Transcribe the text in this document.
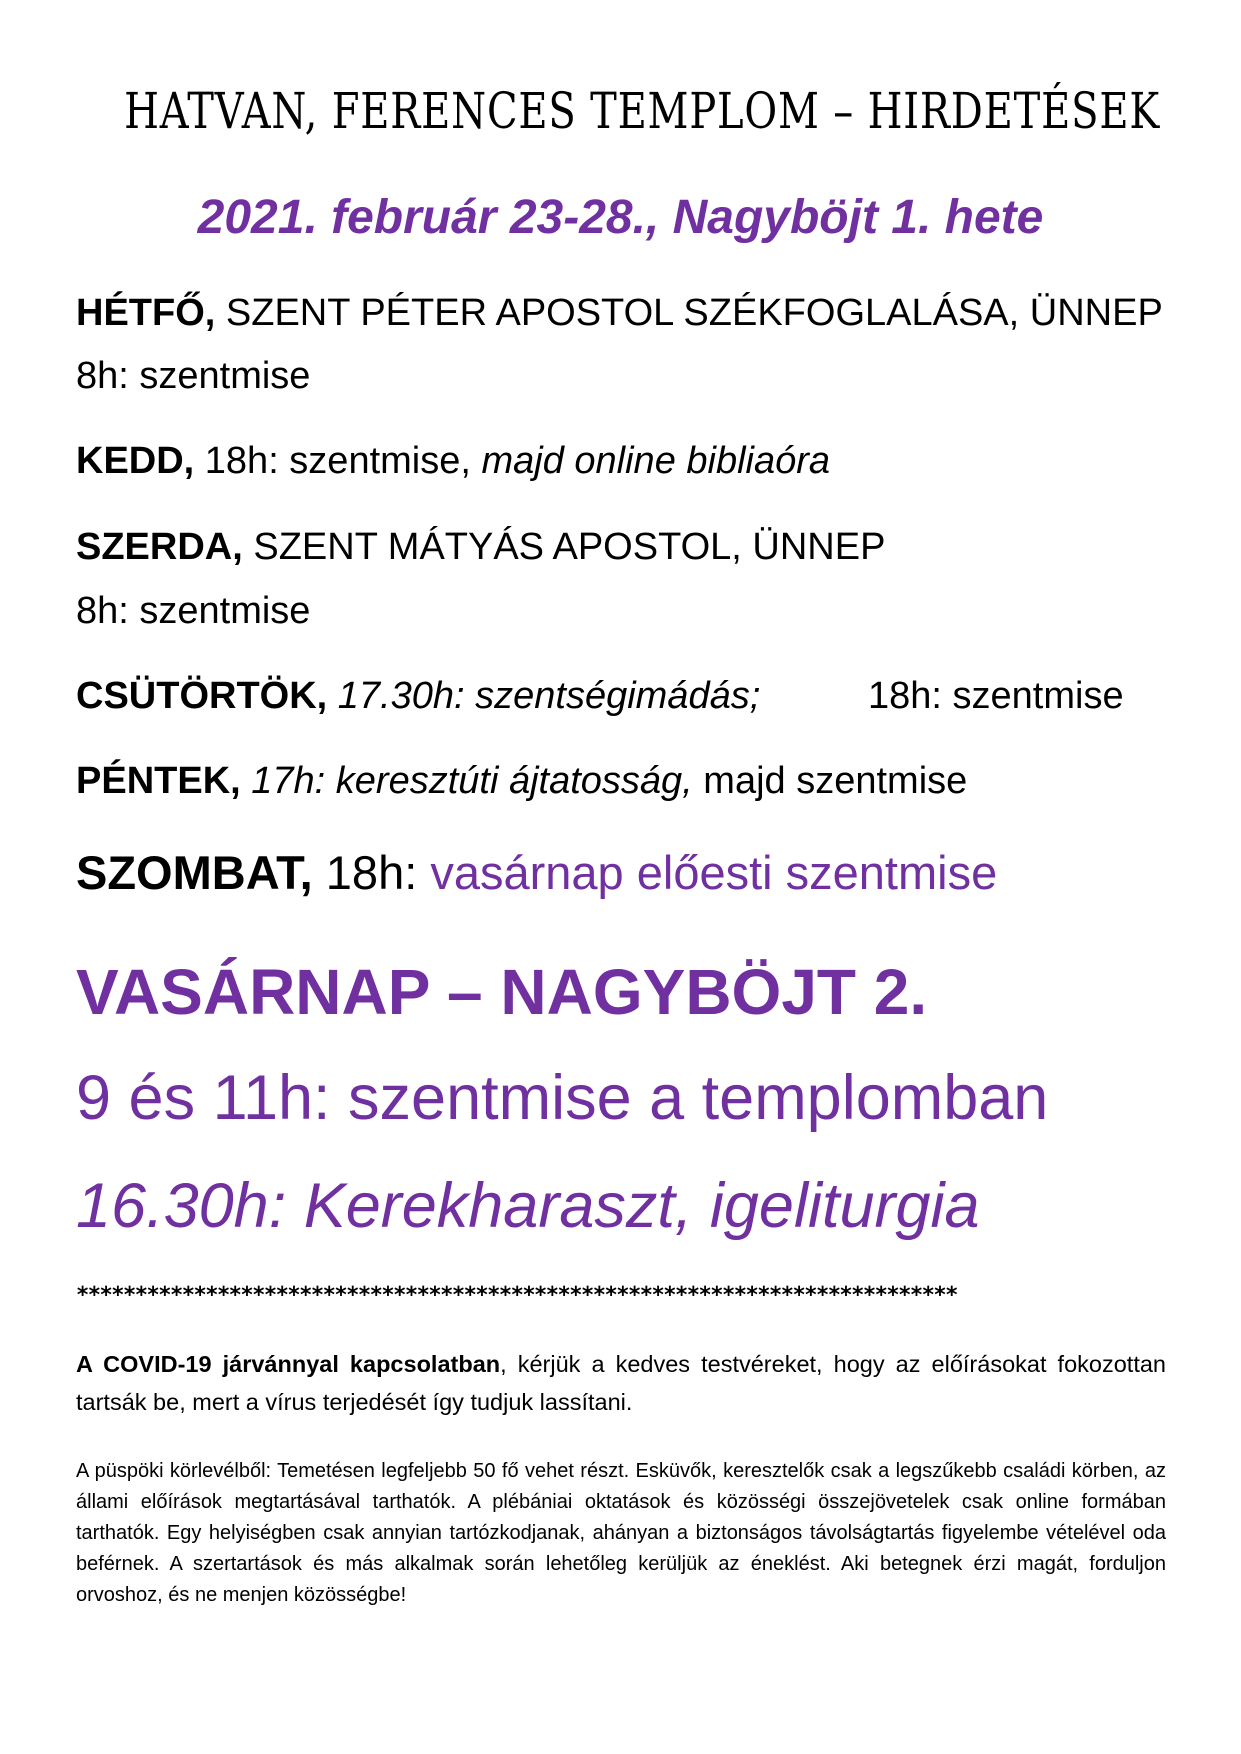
HATVAN, FERENCES TEMPLOM – HIRDETÉSEK
2021. február 23-28., Nagyböjt 1. hete
HÉTFŐ, SZENT PÉTER APOSTOL SZÉKFOGLALÁSA, ÜNNEP
8h: szentmise
KEDD, 18h: szentmise, majd online bibliaóra
SZERDA, SZENT MÁTYÁS APOSTOL, ÜNNEP
8h: szentmise
CSÜTÖRTÖK, 17.30h: szentségimádás;	18h: szentmise
PÉNTEK, 17h: keresztúti ájtatosság, majd szentmise
SZOMBAT, 18h: vasárnap előesti szentmise
VASÁRNAP – NAGYBÖJT 2.
9 és 11h: szentmise a templomban
16.30h: Kerekharaszt, igeliturgia
***************************************************************************
A COVID-19 járvánnyal kapcsolatban, kérjük a kedves testvéreket, hogy az előírásokat fokozottan tartsák be, mert a vírus terjedését így tudjuk lassítani.
A püspöki körlevélből: Temetésen legfeljebb 50 fő vehet részt. Esküvők, keresztelők csak a legszűkebb családi körben, az állami előírások megtartásával tarthatók. A plébániai oktatások és közösségi összejövetelek csak online formában tarthatók. Egy helyiségben csak annyian tartózkodjanak, ahányan a biztonságos távolságtartás figyelembe vételével oda beférnek. A szertartások és más alkalmak során lehetőleg kerüljük az éneklést. Aki betegnek érzi magát, forduljon orvoshoz, és ne menjen közösségbe!
